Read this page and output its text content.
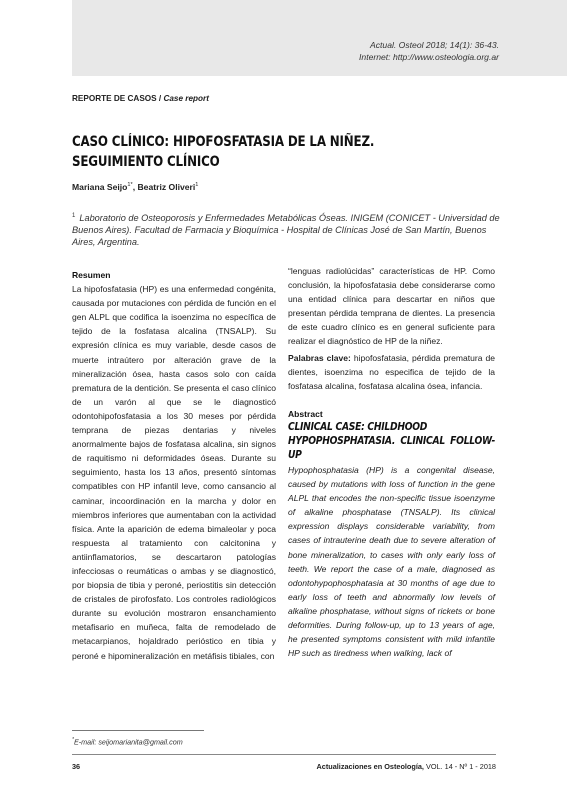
Actual. Osteol 2018; 14(1): 36-43.
Internet: http://www.osteologia.org.ar
REPORTE DE CASOS / Case report
CASO CLÍNICO: HIPOFOSFATASIA DE LA NIÑEZ.
SEGUIMIENTO CLÍNICO
Mariana Seijo$^{1*}$, Beatriz Oliveri$^1$
$^1$ Laboratorio de Osteoporosis y Enfermedades Metabólicas Óseas. INIGEM (CONICET - Universidad de Buenos Aires). Facultad de Farmacia y Bioquímica - Hospital de Clínicas José de San Martín, Buenos Aires, Argentina.
Resumen
La hipofosfatasia (HP) es una enfermedad congénita, causada por mutaciones con pérdida de función en el gen ALPL que codifica la isoenzima no específica de tejido de la fosfatasa alcalina (TNSALP). Su expresión clínica es muy variable, desde casos de muerte intraútero por alteración grave de la mineralización ósea, hasta casos solo con caída prematura de la dentición. Se presenta el caso clínico de un varón al que se le diagnosticó odontohipofosfatasia a los 30 meses por pérdida temprana de piezas dentarias y niveles anormalmente bajos de fosfatasa alcalina, sin signos de raquitismo ni deformidades óseas. Durante su seguimiento, hasta los 13 años, presentó síntomas compatibles con HP infantil leve, como cansancio al caminar, incoordinación en la marcha y dolor en miembros inferiores que aumentaban con la actividad física. Ante la aparición de edema bimaleolar y poca respuesta al tratamiento con calcitonina y antiinflamatorios, se descartaron patologías infecciosas o reumáticas o ambas y se diagnosticó, por biopsia de tibia y peroné, periostitis sin detección de cristales de pirofosfato. Los controles radiológicos durante su evolución mostraron ensanchamiento metafisario en muñeca, falta de remodelado de metacarpianos, hojaldrado perióstico en tibia y peroné e hipomineralización en metáfisis tibiales, con
“lenguas radiolúcidas” características de HP. Como conclusión, la hipofosfatasia debe considerarse como una entidad clínica para descartar en niños que presentan pérdida temprana de dientes. La presencia de este cuadro clínico es en general suficiente para realizar el diagnóstico de HP de la niñez.
Palabras clave: hipofosfatasia, pérdida prematura de dientes, isoenzima no especifica de tejido de la fosfatasa alcalina, fosfatasa alcalina ósea, infancia.
Abstract
CLINICAL CASE: CHILDHOOD
HYPOPHOSPHATASIA. CLINICAL FOLLOW-UP
Hypophosphatasia (HP) is a congenital disease, caused by mutations with loss of function in the gene ALPL that encodes the non-specific tissue isoenzyme of alkaline phosphatase (TNSALP). Its clinical expression displays considerable variability, from cases of intrauterine death due to severe alteration of bone mineralization, to cases with only early loss of teeth. We report the case of a male, diagnosed as odontohypophosphatasia at 30 months of age due to early loss of teeth and abnormally low levels of alkaline phosphatase, without signs of rickets or bone deformities. During follow-up, up to 13 years of age, he presented symptoms consistent with mild infantile HP such as tiredness when walking, lack of
*E-mail: seijomarianita@gmail.com
36	Actualizaciones en Osteología, VOL. 14 - Nº 1 - 2018
